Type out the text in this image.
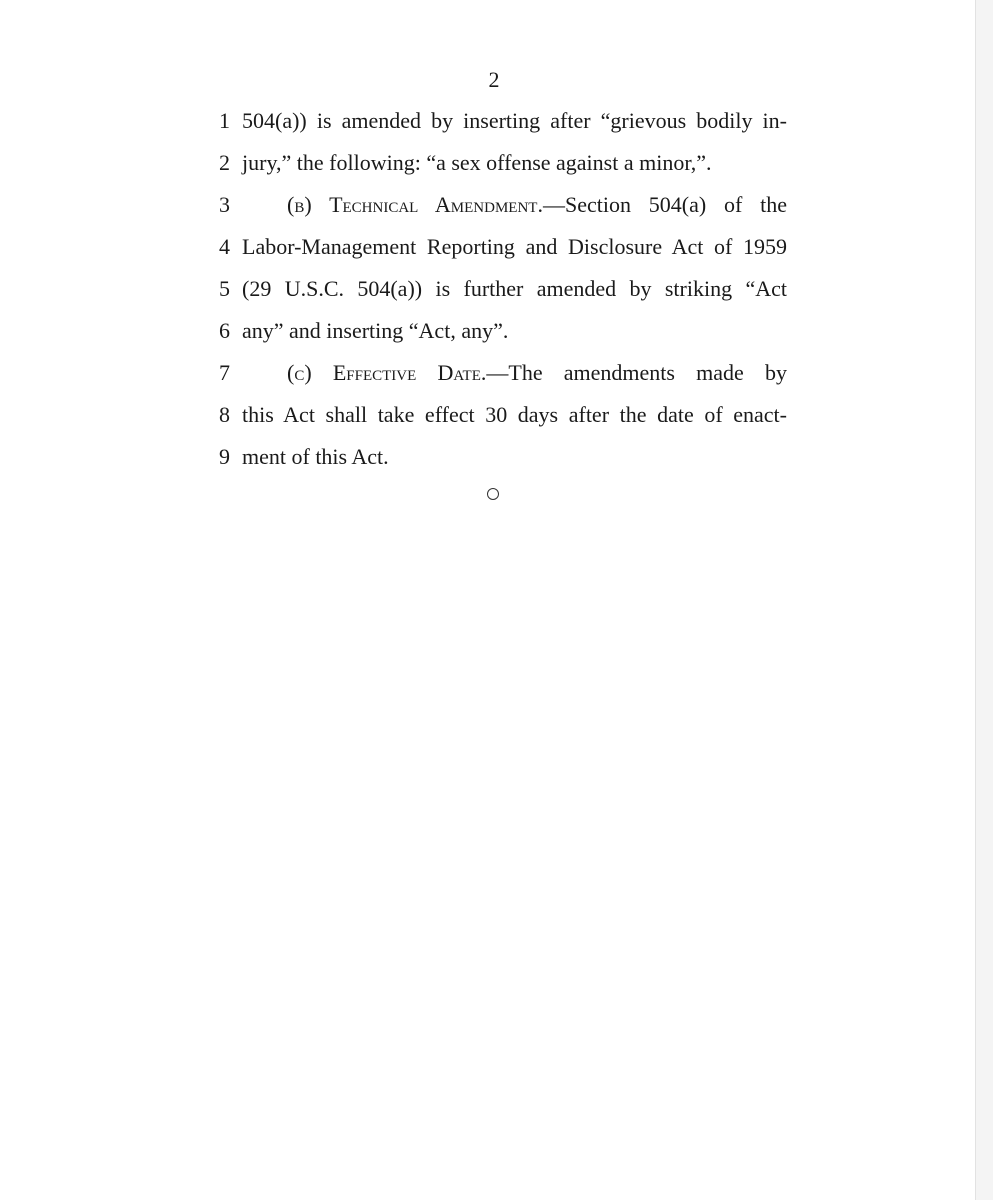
2
1 504(a)) is amended by inserting after “grievous bodily in-
2 jury,” the following: “a sex offense against a minor,”.
3	(b) Technical Amendment.—Section 504(a) of the
4 Labor-Management Reporting and Disclosure Act of 1959
5 (29 U.S.C. 504(a)) is further amended by striking “Act
6 any” and inserting “Act, any”.
7	(c) Effective Date.—The amendments made by
8 this Act shall take effect 30 days after the date of enact-
9 ment of this Act.
